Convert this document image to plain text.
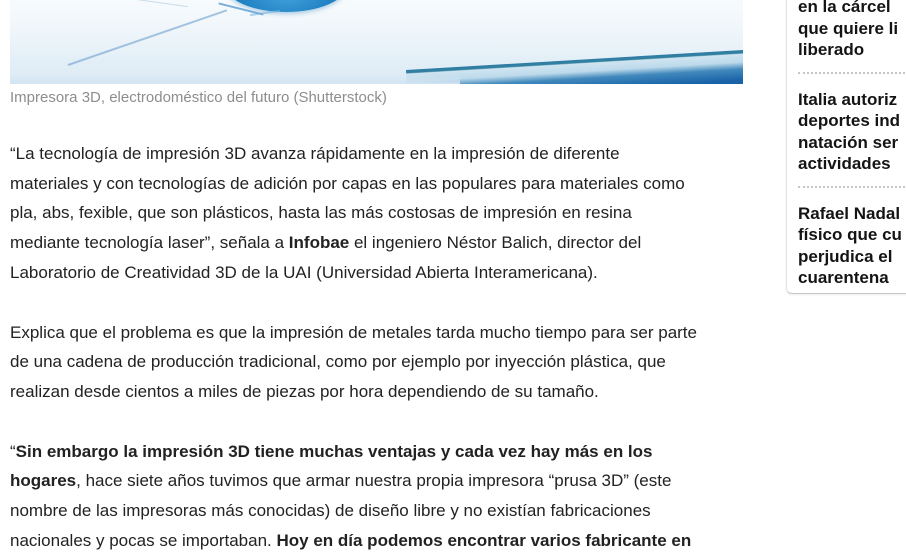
Impresora 3D, electrodoméstico del futuro (Shutterstock)

“La tecnología de impresión 3D avanza rápidamente en la impresión de diferente
materiales y con tecnologías de adición por capas en las populares para materiales como
pla, abs, fexible, que son plásticos, hasta las más costosas de impresión en resina
mediante tecnología laser”, señala a Infobae el ingeniero Néstor Balich, director del
Laboratorio de Creatividad 3D de la UAI (Universidad Abierta Interamericana).

Explica que el problema es que la impresión de metales tarda mucho tiempo para ser parte
de una cadena de producción tradicional, como por ejemplo por inyección plástica, que
realizan desde cientos a miles de piezas por hora dependiendo de su tamaño.

“Sin embargo la impresión 3D tiene muchas ventajas y cada vez hay más en los
hogares, hace siete años tuvimos que armar nuestra propia impresora “prusa 3D” (este
nombre de las impresoras más conocidas) de diseño libre y no existían fabricaciones
nacionales y pocas se importaban. Hoy en día podemos encontrar varios fabricante en

en la cárcel
que quiere li
liberado
Italia autoriz
deportes ind
natación ser
actividades
Rafael Nadal
físico que cu
perjudica el
cuarentena
